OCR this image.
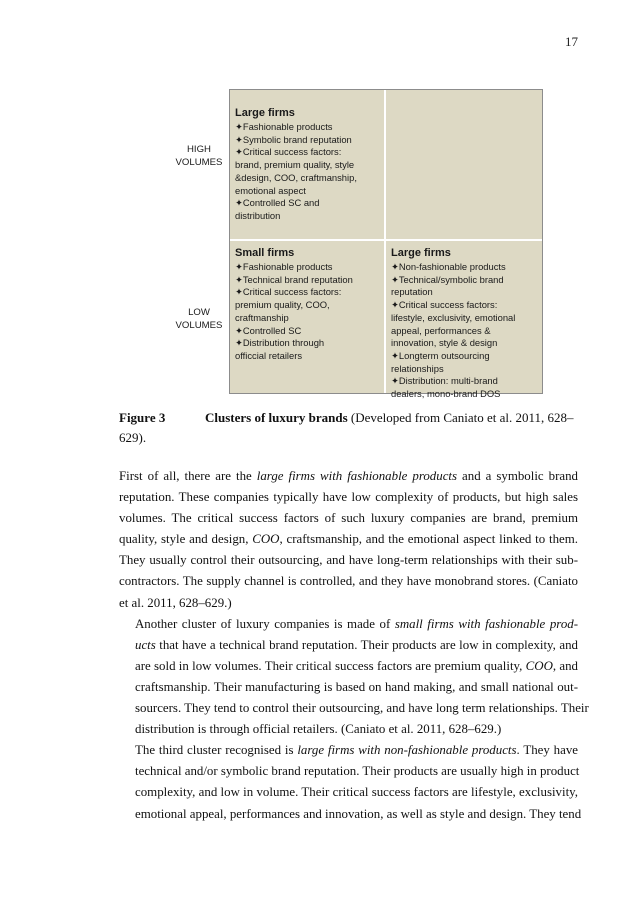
17
Large firms
✦Fashionable products
✦Symbolic brand reputation
✦Critical success factors:
brand, premium quality, style
&design, COO, craftmanship,
emotional aspect
✦Controlled SC and
distribution
Small firms
✦Fashionable products
✦Technical brand reputation
✦Critical success factors:
premium quality, COO,
craftmanship
✦Controlled SC
✦Distribution through
officcial retailers
Large firms
✦Non-fashionable products
✦Technical/symbolic brand
reputation
✦Critical success factors:
lifestyle, exclusivity, emotional
appeal, performances &
innovation, style & design
✦Longterm outsourcing
relationships
✦Distribution: multi-brand
dealers, mono-brand DOS
HIGH
VOLUMES
LOW
VOLUMES
Figure 3	Clusters of luxury brands (Developed from Caniato et al. 2011, 628–
629).

First of all, there are the large firms with fashionable products and a symbolic brand
reputation. These companies typically have low complexity of products, but high sales
volumes. The critical success factors of such luxury companies are brand, premium
quality, style and design, COO, craftsmanship, and the emotional aspect linked to them.
They usually control their outsourcing, and have long-term relationships with their sub-
contractors. The supply channel is controlled, and they have monobrand stores. (Caniato
et al. 2011, 628–629.)

Another cluster of luxury companies is made of small firms with fashionable prod-
ucts that have a technical brand reputation. Their products are low in complexity, and
are sold in low volumes. Their critical success factors are premium quality, COO, and
craftsmanship. Their manufacturing is based on hand making, and small national out-
sourcers. They tend to control their outsourcing, and have long term relationships. Their
distribution is through official retailers. (Caniato et al. 2011, 628–629.)

The third cluster recognised is large firms with non-fashionable products. They have
technical and/or symbolic brand reputation. Their products are usually high in product
complexity, and low in volume. Their critical success factors are lifestyle, exclusivity,
emotional appeal, performances and innovation, as well as style and design. They tend
